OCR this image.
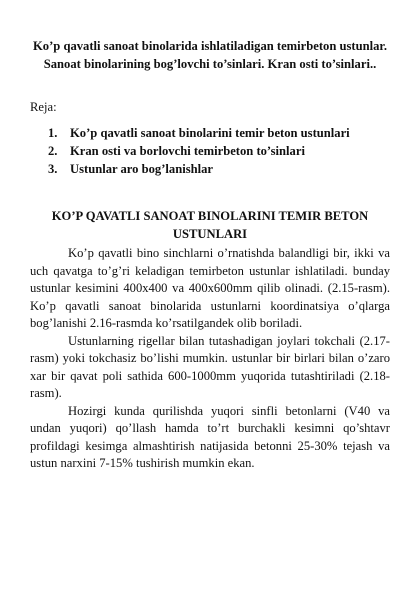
Ko’p qavatli sanoat binolarida ishlatiladigan temirbeton ustunlar. Sanoat binolarining bog’lovchi to’sinlari. Kran osti to’sinlari..
Reja:
1. Ko’p qavatli sanoat binolarini temir beton ustunlari
2. Kran osti va borlovchi temirbeton to’sinlari
3. Ustunlar aro bog’lanishlar
KO’P QAVATLI SANOAT BINOLARINI TEMIR BETON USTUNLARI

Ko’p qavatli bino sinchlarni o’rnatishda balandligi bir, ikki va uch qavatga to’g’ri keladigan temirbeton ustunlar ishlatiladi. bunday ustunlar kesimini 400x400 va 400x600mm qilib olinadi. (2.15-rasm). Ko’p qavatli sanoat binolarida ustunlarni koordinatsiya o’qlarga bog’lanishi 2.16-rasmda ko’rsatilgandek olib boriladi.

Ustunlarning rigellar bilan tutashadigan joylari tokchali (2.17-rasm) yoki tokchasiz bo’lishi mumkin. ustunlar bir birlari bilan o’zaro xar bir qavat poli sathida 600-1000mm yuqorida tutashtiriladi (2.18-rasm).

Hozirgi kunda qurilishda yuqori sinfli betonlarni (V40 va undan yuqori) qo’llash hamda to’rt burchakli kesimni qo’shtavr profildagi kesimga almashtirish natijasida betonni 25-30% tejash va ustun narxini 7-15% tushirish mumkin ekan.
